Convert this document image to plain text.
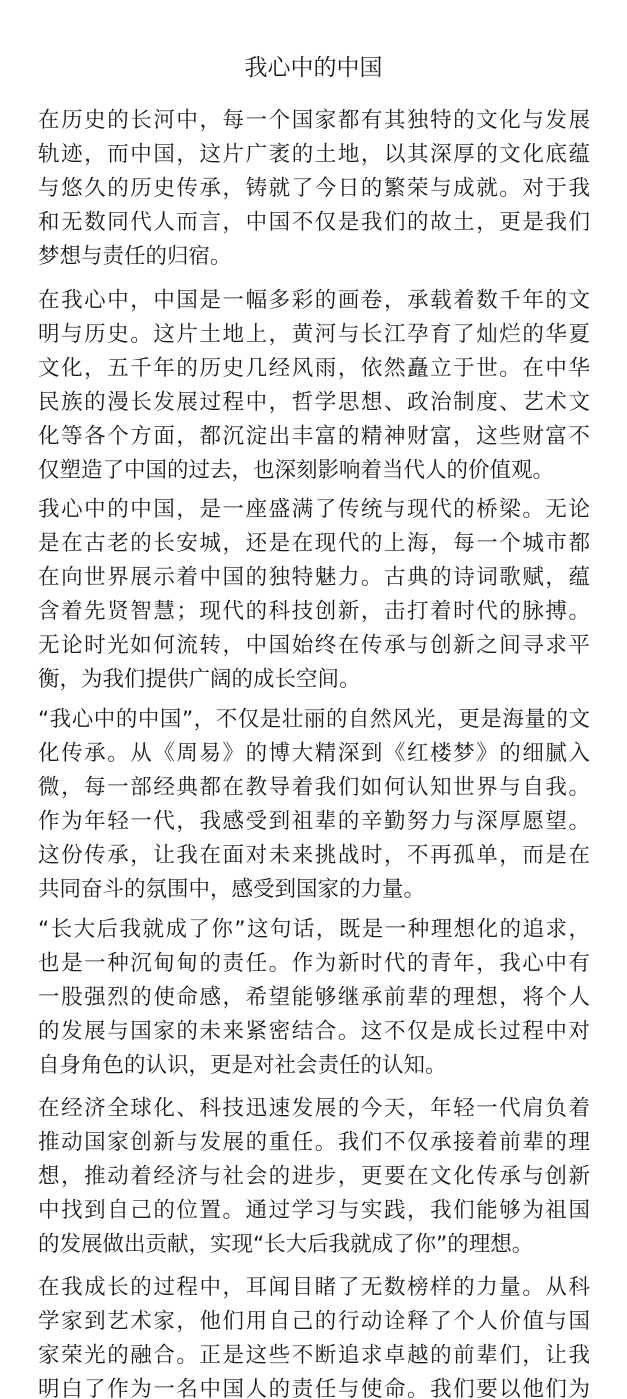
我心中的中国
在历史的长河中，每一个国家都有其独特的文化与发展
轨迹，而中国，这片广袤的土地，以其深厚的文化底蕴
与悠久的历史传承，铸就了今日的繁荣与成就。对于我
和无数同代人而言，中国不仅是我们的故土，更是我们
梦想与责任的归宿。
在我心中，中国是一幅多彩的画卷，承载着数千年的文
明与历史。这片土地上，黄河与长江孕育了灿烂的华夏
文化，五千年的历史几经风雨，依然矗立于世。在中华
民族的漫长发展过程中，哲学思想、政治制度、艺术文
化等各个方面，都沉淀出丰富的精神财富，这些财富不
仅塑造了中国的过去，也深刻影响着当代人的价值观。
我心中的中国，是一座盛满了传统与现代的桥梁。无论
是在古老的长安城，还是在现代的上海，每一个城市都
在向世界展示着中国的独特魅力。古典的诗词歌赋，蕴
含着先贤智慧；现代的科技创新，击打着时代的脉搏。
无论时光如何流转，中国始终在传承与创新之间寻求平
衡，为我们提供广阔的成长空间。
“我心中的中国”，不仅是壮丽的自然风光，更是海量的文
化传承。从《周易》的博大精深到《红楼梦》的细腻入
微，每一部经典都在教导着我们如何认知世界与自我。
作为年轻一代，我感受到祖辈的辛勤努力与深厚愿望。
这份传承，让我在面对未来挑战时，不再孤单，而是在
共同奋斗的氛围中，感受到国家的力量。
“长大后我就成了你”这句话，既是一种理想化的追求，
也是一种沉甸甸的责任。作为新时代的青年，我心中有
一股强烈的使命感，希望能够继承前辈的理想，将个人
的发展与国家的未来紧密结合。这不仅是成长过程中对
自身角色的认识，更是对社会责任的认知。
在经济全球化、科技迅速发展的今天，年轻一代肩负着
推动国家创新与发展的重任。我们不仅承接着前辈的理
想，推动着经济与社会的进步，更要在文化传承与创新
中找到自己的位置。通过学习与实践，我们能够为祖国
的发展做出贡献，实现“长大后我就成了你”的理想。
在我成长的过程中，耳闻目睹了无数榜样的力量。从科
学家到艺术家，他们用自己的行动诠释了个人价值与国
家荣光的融合。正是这些不断追求卓越的前辈们，让我
明白了作为一名中国人的责任与使命。我们要以他们为
